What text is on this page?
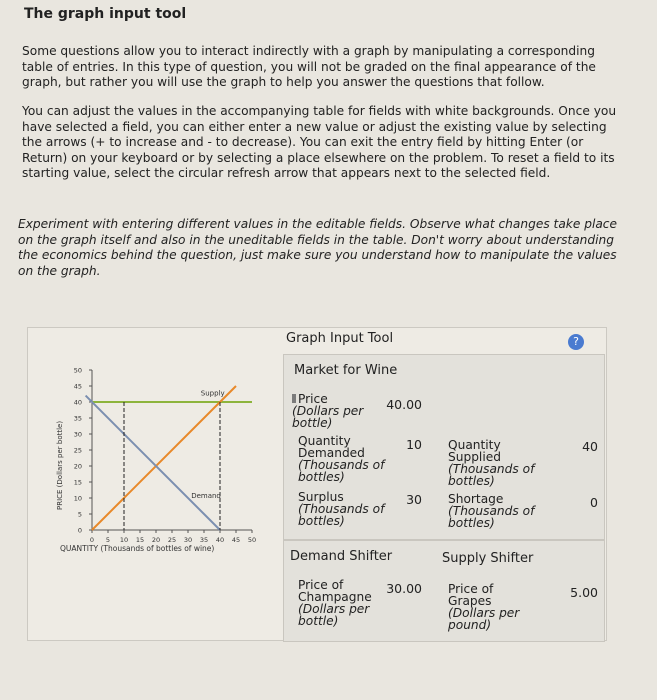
The graph input tool
Some questions allow you to interact indirectly with a graph by manipulating a corresponding table of entries. In this type of question, you will not be graded on the final appearance of the graph, but rather you will use the graph to help you answer the questions that follow.
You can adjust the values in the accompanying table for fields with white backgrounds. Once you have selected a field, you can either enter a new value or adjust the existing value by selecting the arrows (+ to increase and - to decrease). You can exit the entry field by hitting Enter (or Return) on your keyboard or by selecting a place elsewhere on the problem. To reset a field to its starting value, select the circular refresh arrow that appears next to the selected field.
Experiment with entering different values in the editable fields. Observe what changes take place on the graph itself and also in the uneditable fields in the table. Don't worry about understanding the economics behind the question, just make sure you understand how to manipulate the values on the graph.
Graph Input Tool	?
50
45
40
35
30
25
20
15
10
5
0
0 5 10 15 20 25 30 35 40 45 50
PRICE (Dollars per bottle)
QUANTITY (Thousands of bottles of wine)
Supply
Demand
Market for Wine
Price
(Dollars per bottle)
40.00
Quantity Demanded
(Thousands of bottles)
10 Quantity Supplied
(Thousands of bottles)
40
Surplus
(Thousands of bottles)
30 Shortage
(Thousands of bottles)
0
Demand Shifter	Supply Shifter
Price of Champagne
(Dollars per bottle)
30.00 Price of Grapes
(Dollars per pound)
5.00
